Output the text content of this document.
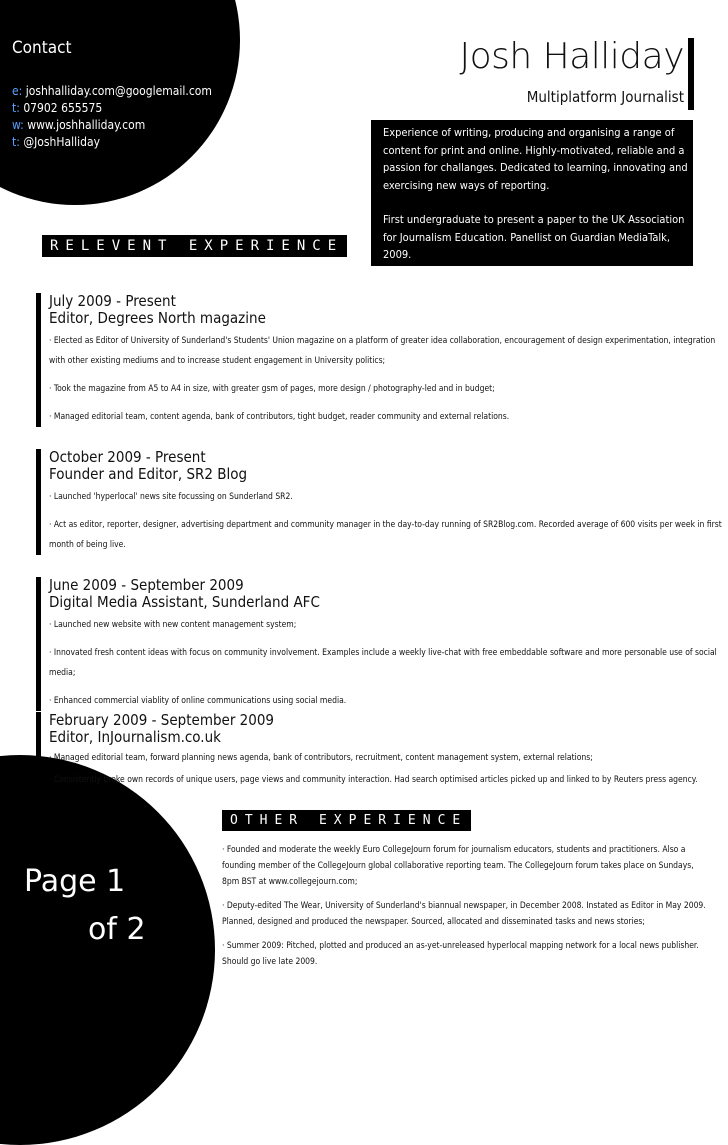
Contact
e: joshhalliday.com@googlemail.com
t: 07902 655575
w: www.joshhalliday.com
t: @JoshHalliday
Josh Halliday
Multiplatform Journalist

Experience of writing, producing and organising a range of content for print and online. Highly-motivated, reliable and a passion for challanges. Dedicated to learning, innovating and exercising new ways of reporting.

First undergraduate to present a paper to the UK Association for Journalism Education. Panellist on Guardian MediaTalk, 2009.

RELEVENT EXPERIENCE
July 2009 - Present
Editor, Degrees North magazine
· Elected as Editor of University of Sunderland's Students' Union magazine on a platform of greater idea collaboration, encouragement of design experimentation, integration with other existing mediums and to increase student engagement in University politics;
· Took the magazine from A5 to A4 in size, with greater gsm of pages, more design / photography-led and in budget;
· Managed editorial team, content agenda, bank of contributors, tight budget, reader community and external relations.
October 2009 - Present
Founder and Editor, SR2 Blog
· Launched 'hyperlocal' news site focussing on Sunderland SR2.
· Act as editor, reporter, designer, advertising department and community manager in the day-to-day running of SR2Blog.com. Recorded average of 600 visits per week in first month of being live.
June 2009 - September 2009
Digital Media Assistant, Sunderland AFC
· Launched new website with new content management system;
· Innovated fresh content ideas with focus on community involvement. Examples include a weekly live-chat with free embeddable software and more personable use of social media;
· Enhanced commercial viablity of online communications using social media.
February 2009 - September 2009
Editor, InJournalism.co.uk
· Managed editorial team, forward planning news agenda, bank of contributors, recruitment, content management system, external relations;
· Consistently broke own records of unique users, page views and community interaction. Had search optimised articles picked up and linked to by Reuters press agency.
OTHER EXPERIENCE

· Founded and moderate the weekly Euro CollegeJourn forum for journalism educators, students and practitioners. Also a founding member of the CollegeJourn global collaborative reporting team. The CollegeJourn forum takes place on Sundays, 8pm BST at www.collegejourn.com;

· Deputy-edited The Wear, University of Sunderland's biannual newspaper, in December 2008. Instated as Editor in May 2009. Planned, designed and produced the newspaper. Sourced, allocated and disseminated tasks and news stories;

· Summer 2009: Pitched, plotted and produced an as-yet-unreleased hyperlocal mapping network for a local news publisher. Should go live late 2009.

Page 1
of 2
